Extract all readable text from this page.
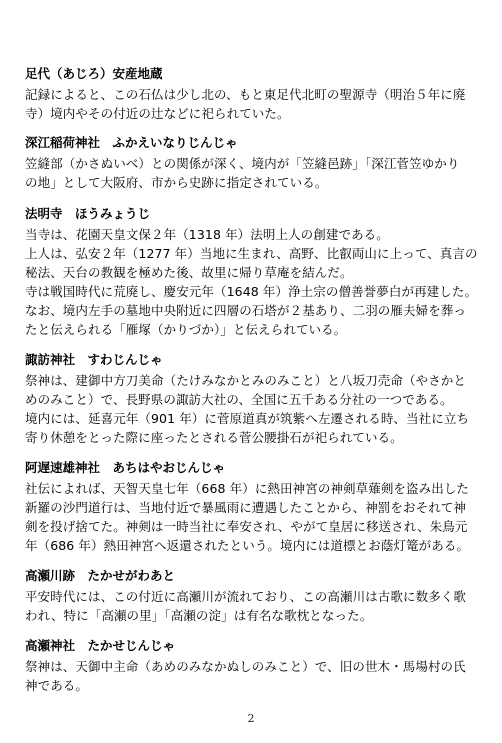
足代（あじろ）安産地蔵
記録によると、この石仏は少し北の、もと東足代北町の聖源寺（明治５年に廃
寺）境内やその付近の辻などに祀られていた。
深江稲荷神社　ふかえいなりじんじゃ
笠縫部（かさぬいべ）との関係が深く、境内が「笠縫邑跡」「深江菅笠ゆかり
の地」として大阪府、市から史跡に指定されている。
法明寺　ほうみょうじ
当寺は、花園天皇文保２年（1318 年）法明上人の創建である。
上人は、弘安２年（1277 年）当地に生まれ、高野、比叡両山に上って、真言の
秘法、天台の教観を極めた後、故里に帰り草庵を結んだ。
寺は戦国時代に荒廃し、慶安元年（1648 年）浄土宗の僧善誉夢白が再建した。
なお、境内左手の墓地中央附近に四層の石塔が２基あり、二羽の雁夫婦を葬っ
たと伝えられる「雁塚（かりづか）」と伝えられている。
諏訪神社　すわじんじゃ
祭神は、建御中方刀美命（たけみなかとみのみこと）と八坂刀売命（やさかと
めのみこと）で、長野県の諏訪大社の、全国に五千ある分社の一つである。
境内には、延喜元年（901 年）に菅原道真が筑紫へ左遷される時、当社に立ち
寄り休憩をとった際に座ったとされる菅公腰掛石が祀られている。
阿遅速雄神社　あちはやおじんじゃ
社伝によれば、天智天皇七年（668 年）に熱田神宮の神剣草薙剣を盗み出した
新羅の沙門道行は、当地付近で暴風雨に遭遇したことから、神罰をおそれて神
剣を投げ捨てた。神剣は一時当社に奉安され、やがて皇居に移送され、朱鳥元
年（686 年）熱田神宮へ返還されたという。境内には道標とお蔭灯篭がある。
高瀬川跡　たかせがわあと
平安時代には、この付近に高瀬川が流れており、この高瀬川は古歌に数多く歌
われ、特に「高瀬の里」「高瀬の淀」は有名な歌枕となった。
高瀬神社　たかせじんじゃ
祭神は、天御中主命（あめのみなかぬしのみこと）で、旧の世木・馬場村の氏
神である。
2
